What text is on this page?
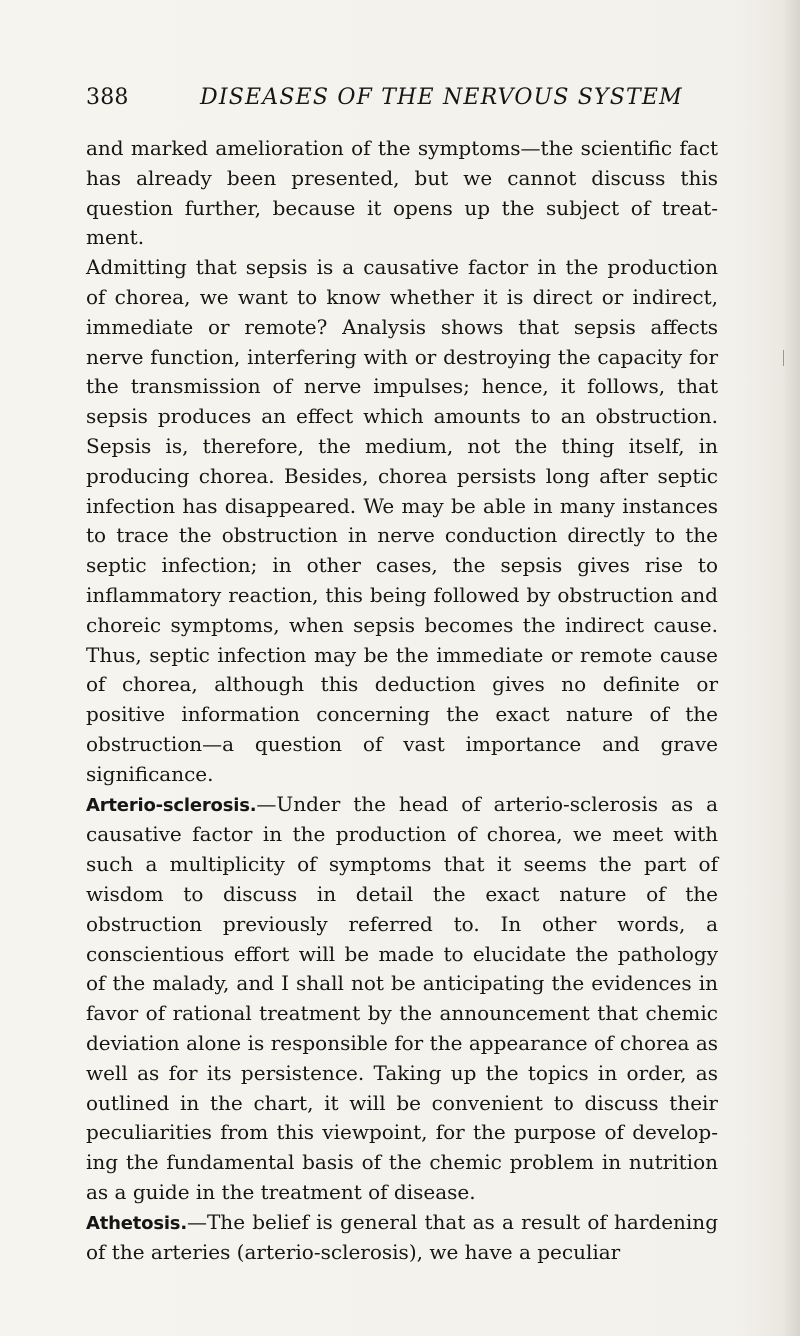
388	DISEASES OF THE NERVOUS SYSTEM

and marked amelioration of the symptoms—the scientific fact has already been presented, but we cannot discuss this question further, because it opens up the subject of treatment.

Admitting that sepsis is a causative factor in the production of chorea, we want to know whether it is direct or indirect, immediate or remote? Analysis shows that sepsis affects nerve function, interfering with or destroying the capacity for the transmission of nerve impulses; hence, it follows, that sepsis produces an effect which amounts to an obstruction. Sepsis is, therefore, the medium, not the thing itself, in producing chorea. Besides, chorea persists long after septic infection has disappeared. We may be able in many instances to trace the obstruction in nerve conduction directly to the septic infection; in other cases, the sepsis gives rise to inflammatory reaction, this being followed by obstruction and choreic symptoms, when sepsis becomes the indirect cause. Thus, septic infection may be the immediate or remote cause of chorea, although this deduction gives no definite or positive information concerning the exact nature of the obstruction—a question of vast importance and grave significance.

Arterio-sclerosis.—Under the head of arterio-sclerosis as a causative factor in the production of chorea, we meet with such a multiplicity of symptoms that it seems the part of wisdom to discuss in detail the exact nature of the obstruction previously referred to. In other words, a conscientious effort will be made to elucidate the pathology of the malady, and I shall not be anticipating the evidences in favor of rational treatment by the announcement that chemic deviation alone is responsible for the appearance of chorea as well as for its persistence. Taking up the topics in order, as outlined in the chart, it will be convenient to discuss their peculiarities from this viewpoint, for the purpose of developing the fundamental basis of the chemic problem in nutrition as a guide in the treatment of disease.

Athetosis.—The belief is general that as a result of hardening of the arteries (arterio-sclerosis), we have a peculiar
